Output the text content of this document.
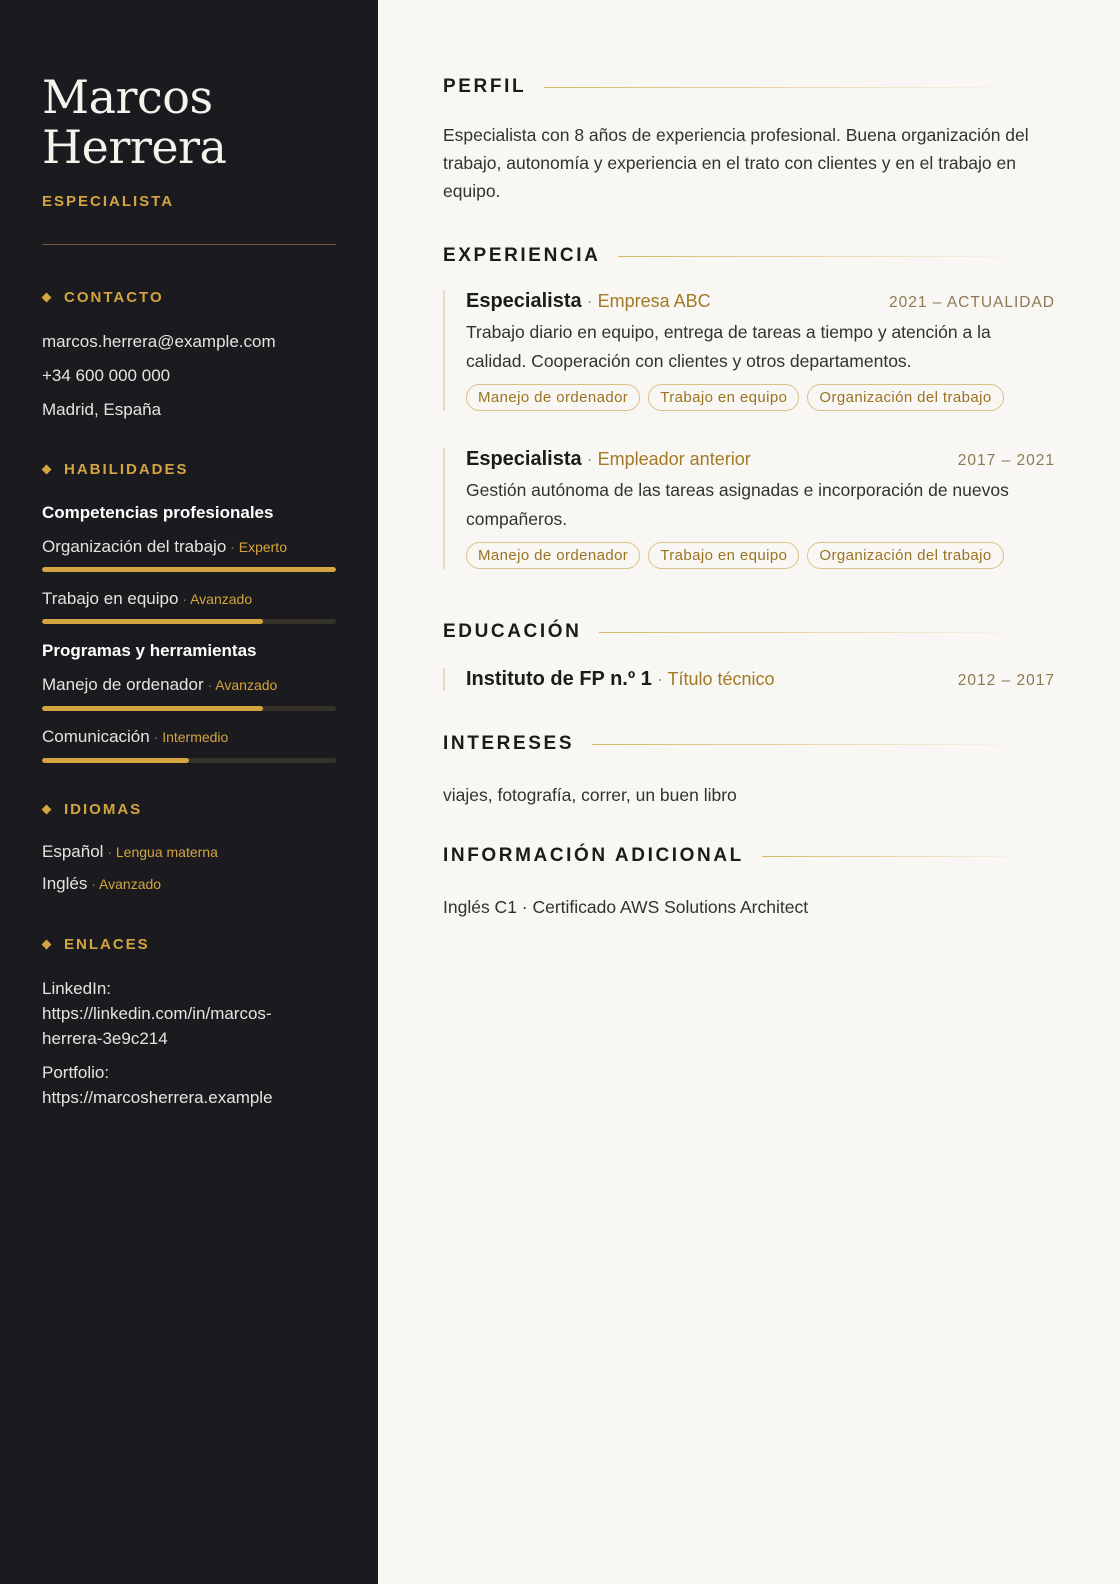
Marcos
Herrera
ESPECIALISTA
CONTACTO
marcos.herrera@example.com
+34 600 000 000
Madrid, España
HABILIDADES
Competencias profesionales
Organización del trabajo · Experto
Trabajo en equipo · Avanzado
Programas y herramientas
Manejo de ordenador · Avanzado
Comunicación · Intermedio
IDIOMAS
Español · Lengua materna
Inglés · Avanzado
ENLACES
LinkedIn:
https://linkedin.com/in/marcos-
herrera-3e9c214
Portfolio:
https://marcosherrera.example
PERFIL
Especialista con 8 años de experiencia profesional. Buena organización del trabajo, autonomía y experiencia en el trato con clientes y en el trabajo en equipo.
EXPERIENCIA
Especialista · Empresa ABC	2021 – ACTUALIDAD
Trabajo diario en equipo, entrega de tareas a tiempo y atención a la calidad. Cooperación con clientes y otros departamentos.
Manejo de ordenador	Trabajo en equipo	Organización del trabajo
Especialista · Empleador anterior	2017 – 2021
Gestión autónoma de las tareas asignadas e incorporación de nuevos compañeros.
Manejo de ordenador	Trabajo en equipo	Organización del trabajo
EDUCACIÓN
Instituto de FP n.º 1 · Título técnico	2012 – 2017
INTERESES
viajes, fotografía, correr, un buen libro
INFORMACIÓN ADICIONAL
Inglés C1 · Certificado AWS Solutions Architect
